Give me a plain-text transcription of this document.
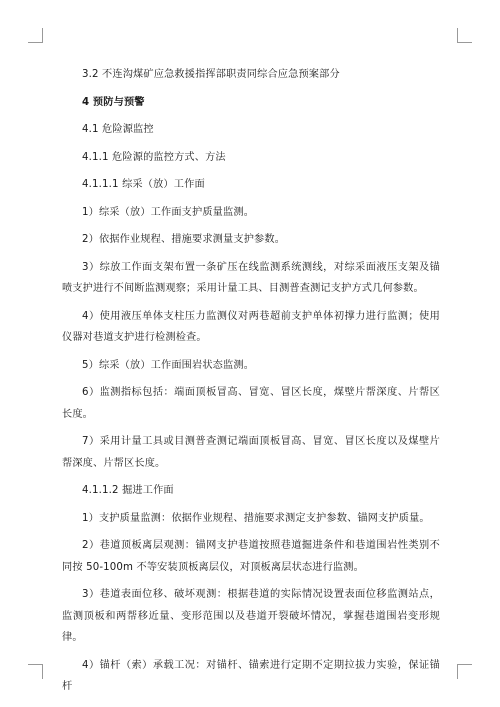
3.2 不连沟煤矿应急救援指挥部职责同综合应急预案部分

4 预防与预警

4.1 危险源监控

4.1.1 危险源的监控方式、方法

4.1.1.1 综采（放）工作面

1）综采（放）工作面支护质量监测。

2）依据作业规程、措施要求测量支护参数。

3）综放工作面支架布置一条矿压在线监测系统测线，对综采面液压支架及锚喷支护进行不间断监测观察；采用计量工具、目测普查测记支护方式几何参数。

4）使用液压单体支柱压力监测仪对两巷超前支护单体初撑力进行监测；使用仪器对巷道支护进行检测检查。

5）综采（放）工作面围岩状态监测。

6）监测指标包括：端面顶板冒高、冒宽、冒区长度，煤壁片帮深度、片帮区长度。

7）采用计量工具或目测普查测记端面顶板冒高、冒宽、冒区长度以及煤壁片帮深度、片帮区长度。

4.1.1.2 掘进工作面

1）支护质量监测：依据作业规程、措施要求测定支护参数、锚网支护质量。

2）巷道顶板离层观测：锚网支护巷道按照巷道掘进条件和巷道围岩性类别不同按 50-100m 不等安装顶板离层仪，对顶板离层状态进行监测。

3）巷道表面位移、破坏观测：根据巷道的实际情况设置表面位移监测站点，监测顶板和两帮移近量、变形范围以及巷道开裂破坏情况，掌握巷道围岩变形规律。

4）锚杆（索）承载工况：对锚杆、锚索进行定期不定期拉拔力实验，保证锚杆
